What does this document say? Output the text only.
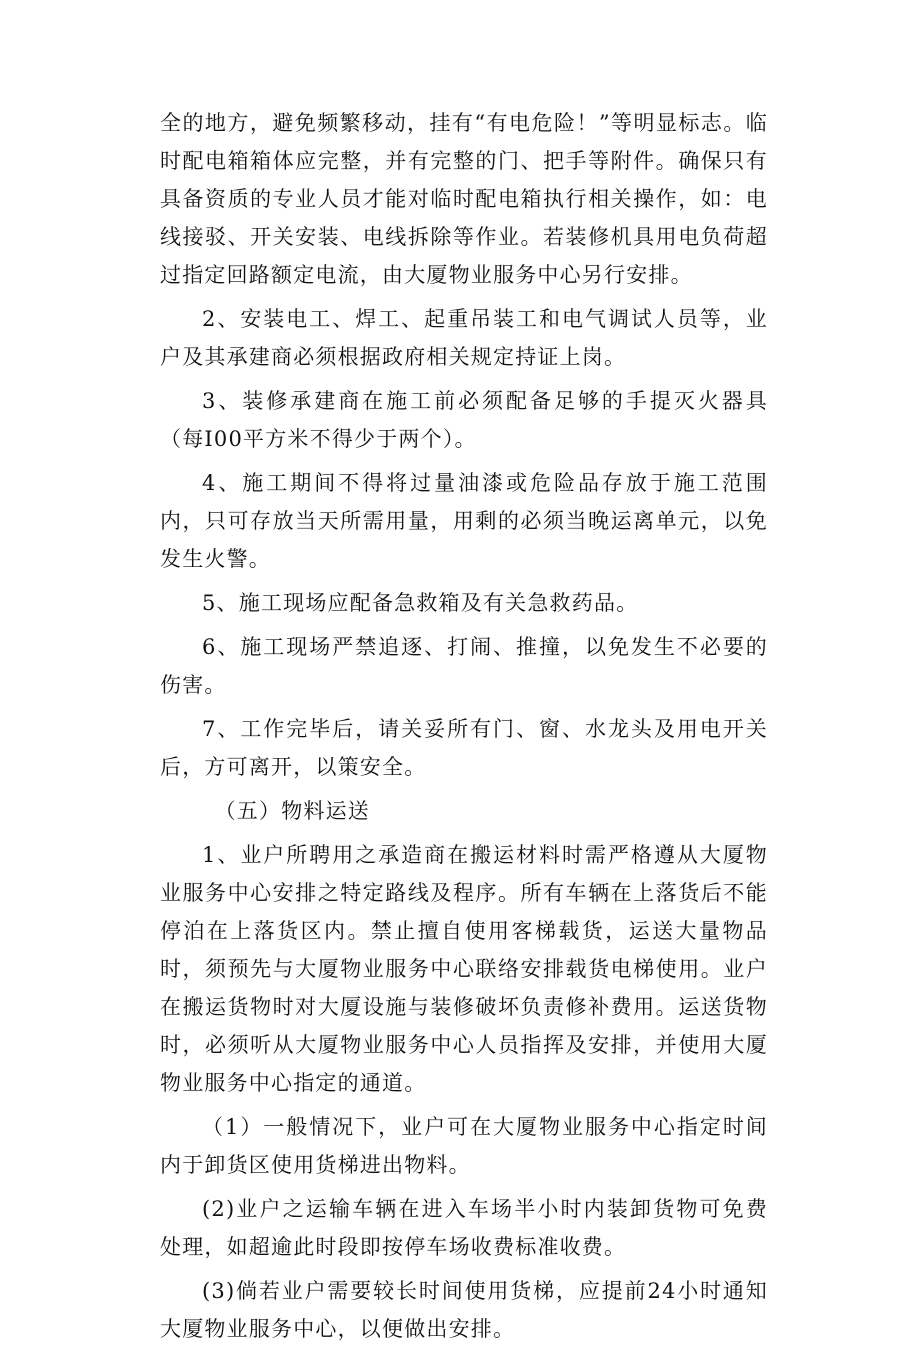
全的地方，避免频繁移动，挂有“有电危险！”等明显标志。临时配电箱箱体应完整，并有完整的门、把手等附件。确保只有具备资质的专业人员才能对临时配电箱执行相关操作，如：电线接驳、开关安装、电线拆除等作业。若装修机具用电负荷超过指定回路额定电流，由大厦物业服务中心另行安排。

2、安装电工、焊工、起重吊装工和电气调试人员等，业户及其承建商必须根据政府相关规定持证上岗。

3、装修承建商在施工前必须配备足够的手提灭火器具（每I00平方米不得少于两个）。

4、施工期间不得将过量油漆或危险品存放于施工范围内，只可存放当天所需用量，用剩的必须当晚运离单元，以免发生火警。

5、施工现场应配备急救箱及有关急救药品。

6、施工现场严禁追逐、打闹、推撞，以免发生不必要的伤害。

7、工作完毕后，请关妥所有门、窗、水龙头及用电开关后，方可离开，以策安全。

（五）物料运送

1、业户所聘用之承造商在搬运材料时需严格遵从大厦物业服务中心安排之特定路线及程序。所有车辆在上落货后不能停泊在上落货区内。禁止擅自使用客梯载货，运送大量物品时，须预先与大厦物业服务中心联络安排载货电梯使用。业户在搬运货物时对大厦设施与装修破坏负责修补费用。运送货物时，必须听从大厦物业服务中心人员指挥及安排，并使用大厦物业服务中心指定的通道。

（1）一般情况下，业户可在大厦物业服务中心指定时间内于卸货区使用货梯进出物料。

(2)业户之运输车辆在进入车场半小时内装卸货物可免费处理，如超逾此时段即按停车场收费标准收费。

(3)倘若业户需要较长时间使用货梯，应提前24小时通知大厦物业服务中心，以便做出安排。
